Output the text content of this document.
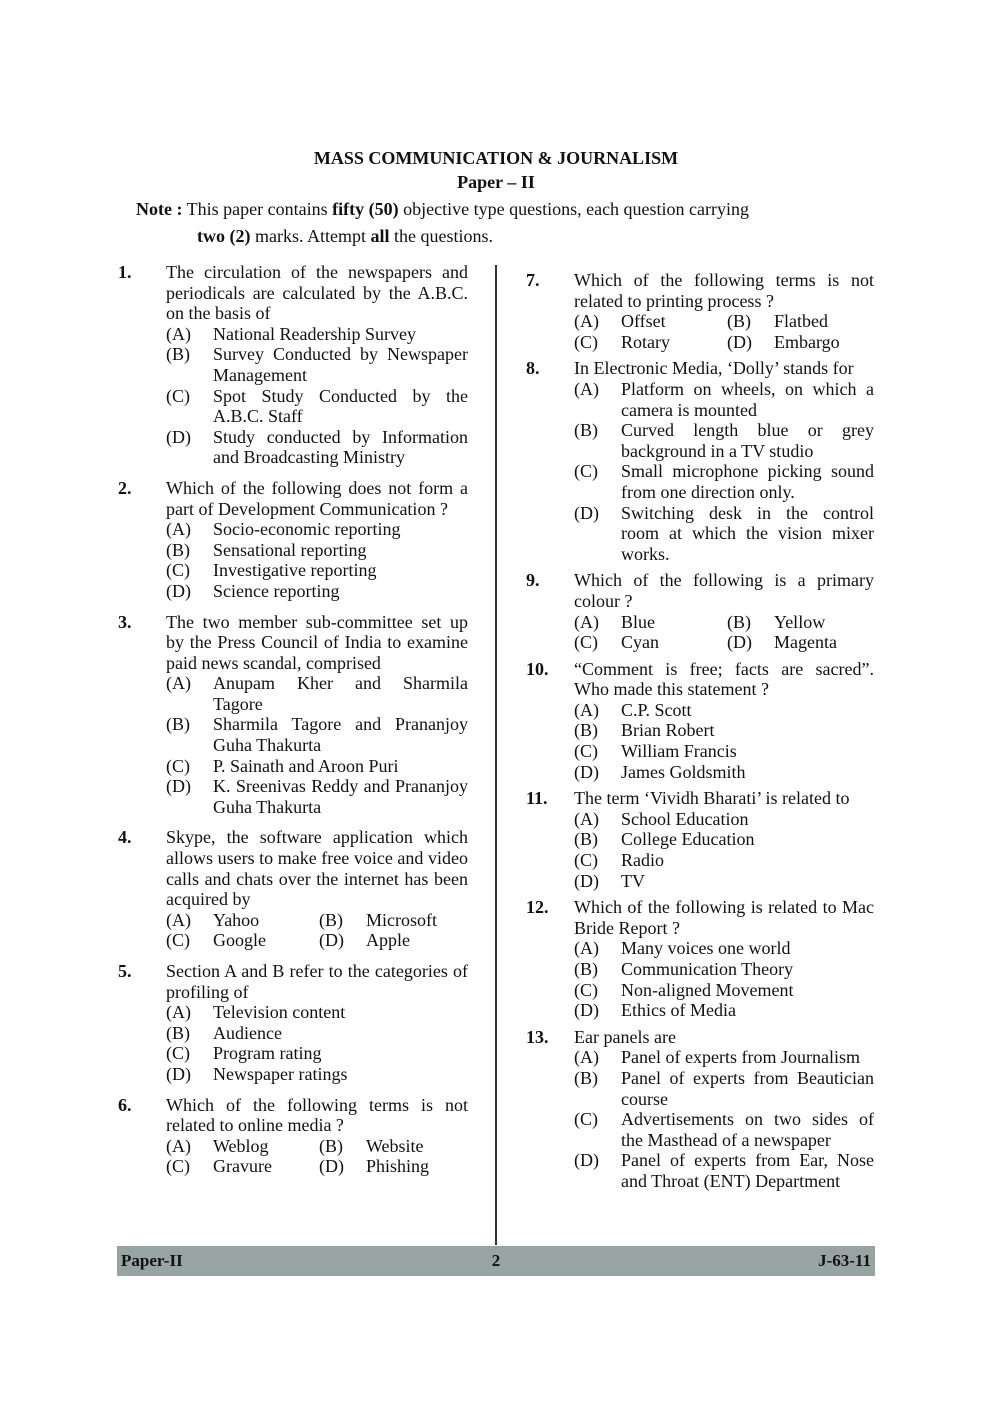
MASS COMMUNICATION & JOURNALISM
Paper – II
Note : This paper contains fifty (50) objective type questions, each question carrying
two (2) marks. Attempt all the questions.
1. The circulation of the newspapers and periodicals are calculated by the A.B.C. on the basis of
(A) National Readership Survey
(B) Survey Conducted by Newspaper Management
(C) Spot Study Conducted by the A.B.C. Staff
(D) Study conducted by Information and Broadcasting Ministry
2. Which of the following does not form a part of Development Communication ?
(A) Socio-economic reporting
(B) Sensational reporting
(C) Investigative reporting
(D) Science reporting
3. The two member sub-committee set up by the Press Council of India to examine paid news scandal, comprised
(A) Anupam Kher and Sharmila Tagore
(B) Sharmila Tagore and Prananjoy Guha Thakurta
(C) P. Sainath and Aroon Puri
(D) K. Sreenivas Reddy and Prananjoy Guha Thakurta
4. Skype, the software application which allows users to make free voice and video calls and chats over the internet has been acquired by
(A) Yahoo	(B) Microsoft
(C) Google	(D) Apple
5. Section A and B refer to the categories of profiling of
(A) Television content
(B) Audience
(C) Program rating
(D) Newspaper ratings
6. Which of the following terms is not related to online media ?
(A) Weblog	(B) Website
(C) Gravure	(D) Phishing
7. Which of the following terms is not related to printing process ?
(A) Offset	(B) Flatbed
(C) Rotary	(D) Embargo
8. In Electronic Media, ‘Dolly’ stands for
(A) Platform on wheels, on which a camera is mounted
(B) Curved length blue or grey background in a TV studio
(C) Small microphone picking sound from one direction only.
(D) Switching desk in the control room at which the vision mixer works.
9. Which of the following is a primary colour ?
(A) Blue	(B) Yellow
(C) Cyan	(D) Magenta
10. “Comment is free; facts are sacred”. Who made this statement ?
(A) C.P. Scott
(B) Brian Robert
(C) William Francis
(D) James Goldsmith
11. The term ‘Vividh Bharati’ is related to
(A) School Education
(B) College Education
(C) Radio
(D) TV
12. Which of the following is related to Mac Bride Report ?
(A) Many voices one world
(B) Communication Theory
(C) Non-aligned Movement
(D) Ethics of Media
13. Ear panels are
(A) Panel of experts from Journalism
(B) Panel of experts from Beautician course
(C) Advertisements on two sides of the Masthead of a newspaper
(D) Panel of experts from Ear, Nose and Throat (ENT) Department
Paper-II	2	J-63-11
